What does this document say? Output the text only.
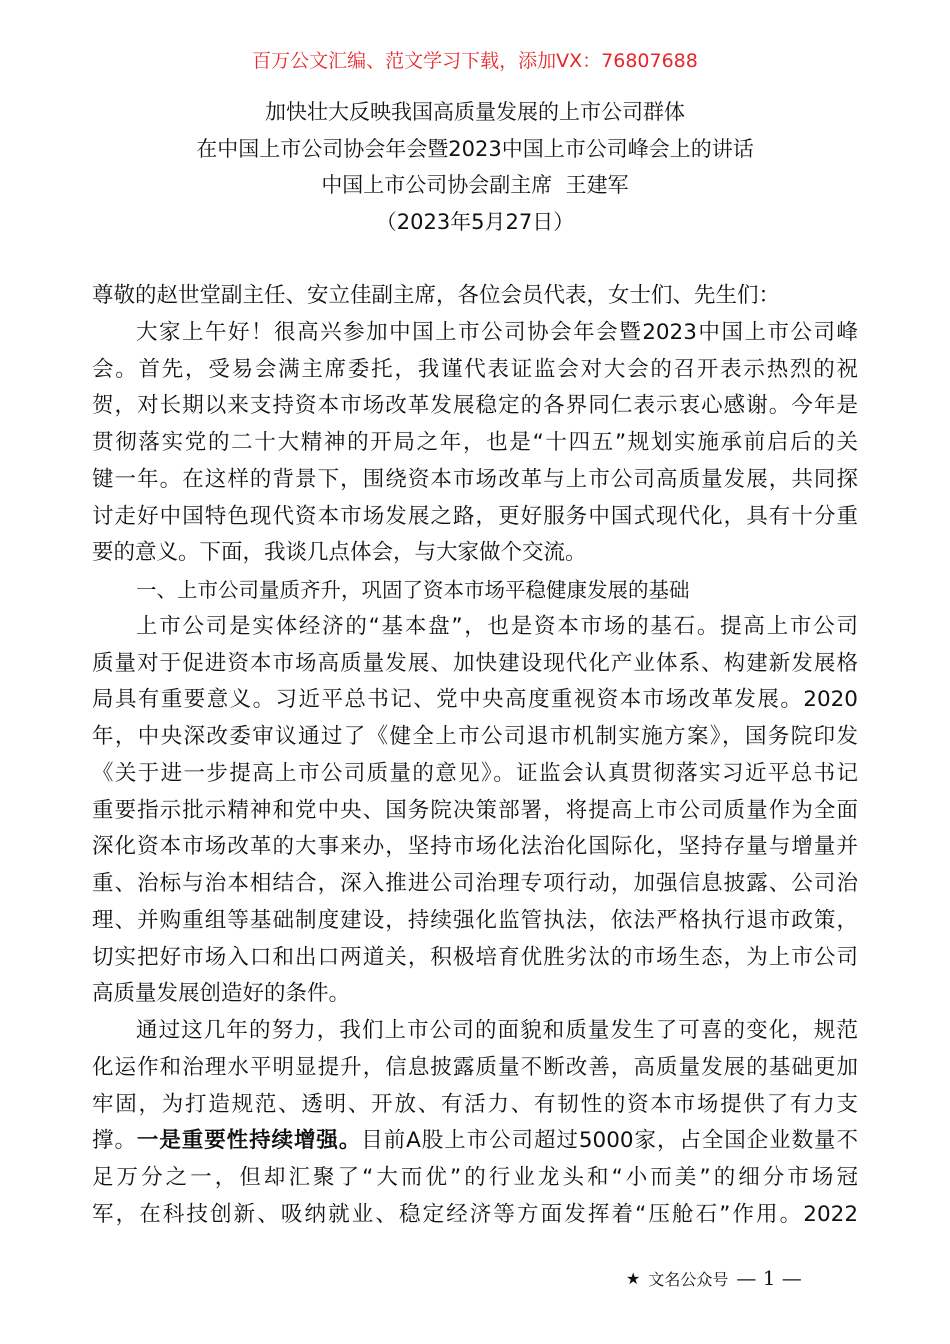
百万公文汇编、范文学习下载，添加VX：76807688
加快壮大反映我国高质量发展的上市公司群体
在中国上市公司协会年会暨2023中国上市公司峰会上的讲话
中国上市公司协会副主席  王建军
（2023年5月27日）
尊敬的赵世堂副主任、安立佳副主席，各位会员代表，女士们、先生们：
大家上午好！很高兴参加中国上市公司协会年会暨2023中国上市公司峰
会。首先，受易会满主席委托，我谨代表证监会对大会的召开表示热烈的祝
贺，对长期以来支持资本市场改革发展稳定的各界同仁表示衷心感谢。今年是
贯彻落实党的二十大精神的开局之年，也是“十四五”规划实施承前启后的关
键一年。在这样的背景下，围绕资本市场改革与上市公司高质量发展，共同探
讨走好中国特色现代资本市场发展之路，更好服务中国式现代化，具有十分重
要的意义。下面，我谈几点体会，与大家做个交流。
一、上市公司量质齐升，巩固了资本市场平稳健康发展的基础
上市公司是实体经济的“基本盘”，也是资本市场的基石。提高上市公司
质量对于促进资本市场高质量发展、加快建设现代化产业体系、构建新发展格
局具有重要意义。习近平总书记、党中央高度重视资本市场改革发展。2020
年，中央深改委审议通过了《健全上市公司退市机制实施方案》，国务院印发
《关于进一步提高上市公司质量的意见》。证监会认真贯彻落实习近平总书记
重要指示批示精神和党中央、国务院决策部署，将提高上市公司质量作为全面
深化资本市场改革的大事来办，坚持市场化法治化国际化，坚持存量与增量并
重、治标与治本相结合，深入推进公司治理专项行动，加强信息披露、公司治
理、并购重组等基础制度建设，持续强化监管执法，依法严格执行退市政策，
切实把好市场入口和出口两道关，积极培育优胜劣汰的市场生态，为上市公司
高质量发展创造好的条件。
通过这几年的努力，我们上市公司的面貌和质量发生了可喜的变化，规范
化运作和治理水平明显提升，信息披露质量不断改善，高质量发展的基础更加
牢固，为打造规范、透明、开放、有活力、有韧性的资本市场提供了有力支
撑。一是重要性持续增强。目前A股上市公司超过5000家，占全国企业数量不
足万分之一，但却汇聚了“大而优”的行业龙头和“小而美”的细分市场冠
军，在科技创新、吸纳就业、稳定经济等方面发挥着“压舱石”作用。2022
★ 文名公众号 — 1 —
